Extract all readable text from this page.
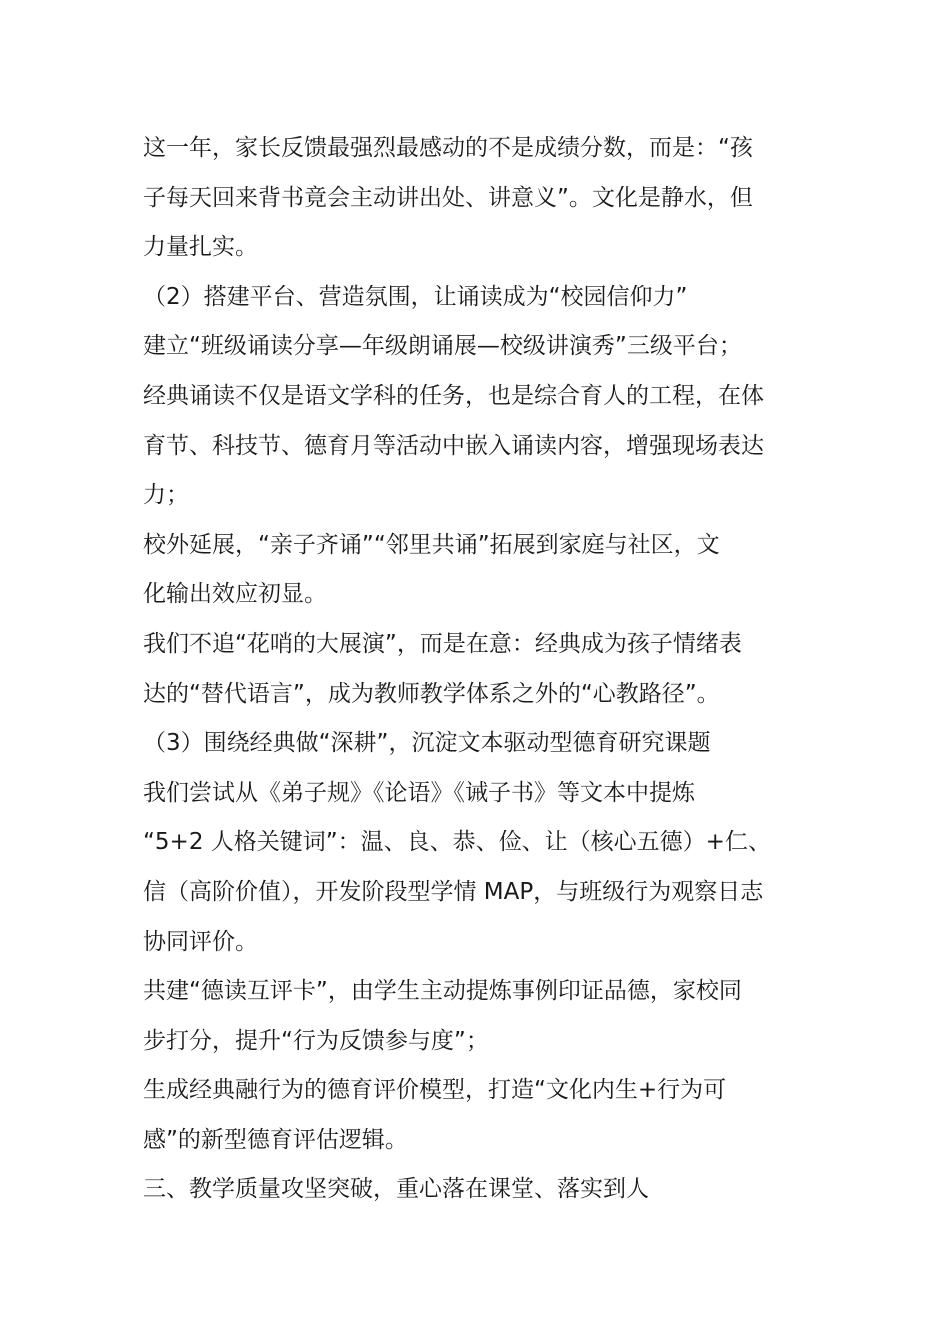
这一年，家长反馈最强烈最感动的不是成绩分数，而是：“孩
子每天回来背书竟会主动讲出处、讲意义”。文化是静水，但
力量扎实。
（2）搭建平台、营造氛围，让诵读成为“校园信仰力”
建立“班级诵读分享—年级朗诵展—校级讲演秀”三级平台；
经典诵读不仅是语文学科的任务，也是综合育人的工程，在体
育节、科技节、德育月等活动中嵌入诵读内容，增强现场表达
力；
校外延展，“亲子齐诵”“邻里共诵”拓展到家庭与社区，文
化输出效应初显。
我们不追“花哨的大展演”，而是在意：经典成为孩子情绪表
达的“替代语言”，成为教师教学体系之外的“心教路径”。
（3）围绕经典做“深耕”，沉淀文本驱动型德育研究课题
我们尝试从《弟子规》《论语》《诫子书》等文本中提炼
“5+2 人格关键词”：温、良、恭、俭、让（核心五德）+仁、
信（高阶价值），开发阶段型学情 MAP，与班级行为观察日志
协同评价。
共建“德读互评卡”，由学生主动提炼事例印证品德，家校同
步打分，提升“行为反馈参与度”；
生成经典融行为的德育评价模型，打造“文化内生+行为可
感”的新型德育评估逻辑。
三、教学质量攻坚突破，重心落在课堂、落实到人
